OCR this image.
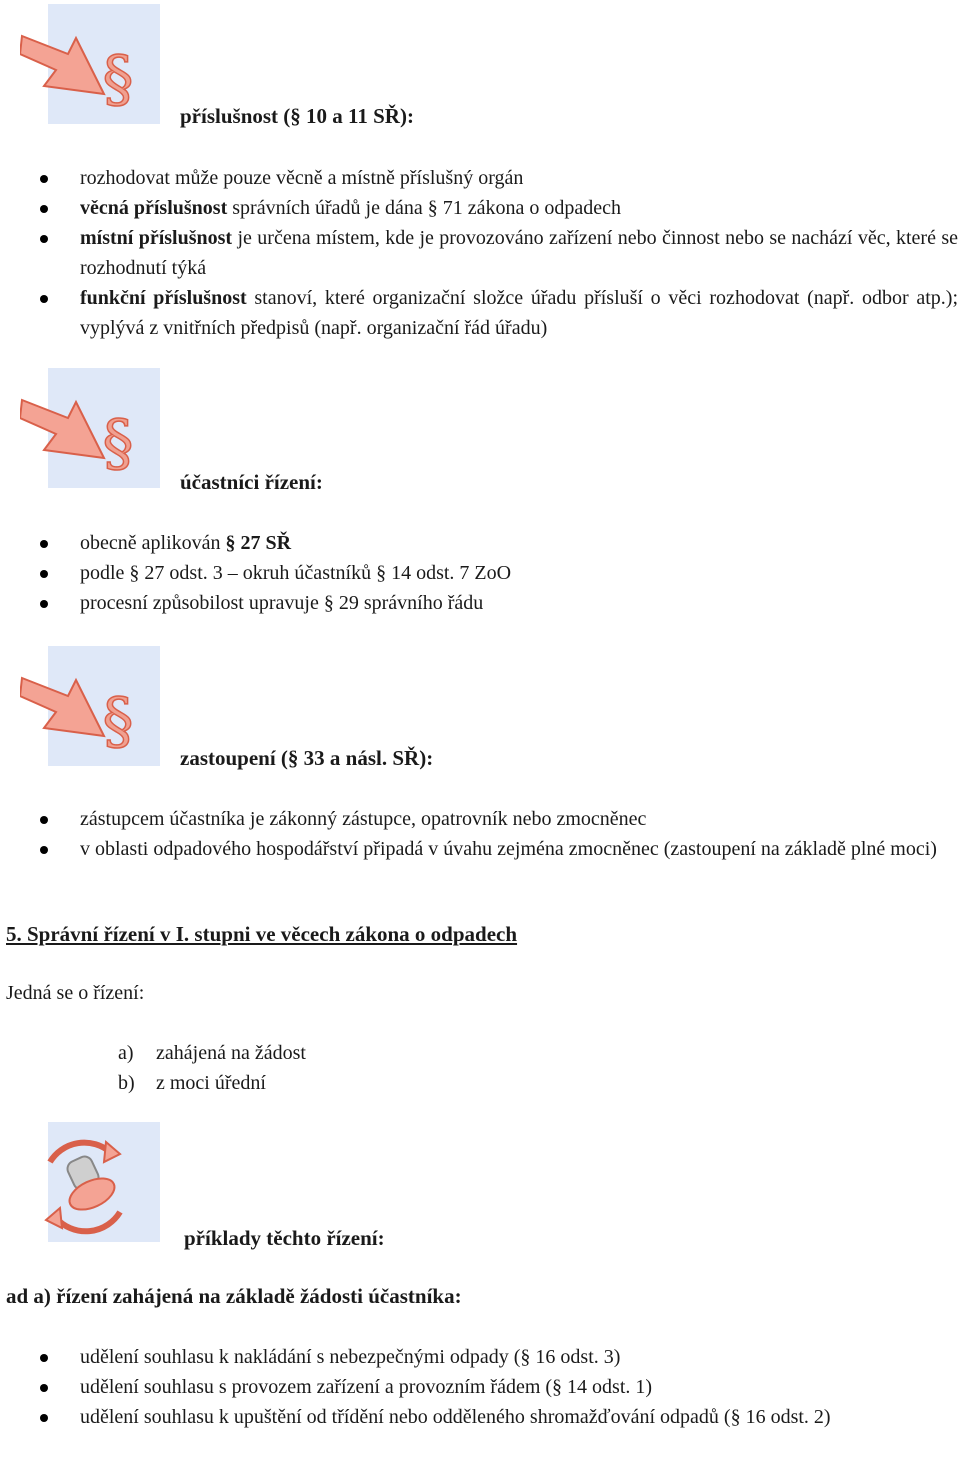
§
příslušnost (§ 10 a 11 SŘ):
rozhodovat může pouze věcně a místně příslušný orgán
věcná příslušnost správních úřadů je dána § 71 zákona o odpadech
místní příslušnost je určena místem, kde je provozováno zařízení nebo činnost nebo se nachází věc, které se rozhodnutí týká
funkční příslušnost stanoví, které organizační složce úřadu přísluší o věci rozhodovat (např. odbor atp.); vyplývá z vnitřních předpisů (např. organizační řád úřadu)
§
účastníci řízení:
obecně aplikován § 27 SŘ
podle § 27 odst. 3 – okruh účastníků § 14 odst. 7 ZoO
procesní způsobilost upravuje § 29 správního řádu
§
zastoupení (§ 33 a násl. SŘ):
zástupcem účastníka je zákonný zástupce, opatrovník nebo zmocněnec
v oblasti odpadového hospodářství připadá v úvahu zejména zmocněnec (zastoupení na základě plné moci)
5. Správní řízení v I. stupni ve věcech zákona o odpadech
Jedná se o řízení:
a) zahájená na žádost
b) z moci úřední
příklady těchto řízení:
ad a) řízení zahájená na základě žádosti účastníka:
udělení souhlasu k nakládání s nebezpečnými odpady (§ 16 odst. 3)
udělení souhlasu s provozem zařízení a provozním řádem (§ 14 odst. 1)
udělení souhlasu k upuštění od třídění nebo odděleného shromažďování odpadů (§ 16 odst. 2)
